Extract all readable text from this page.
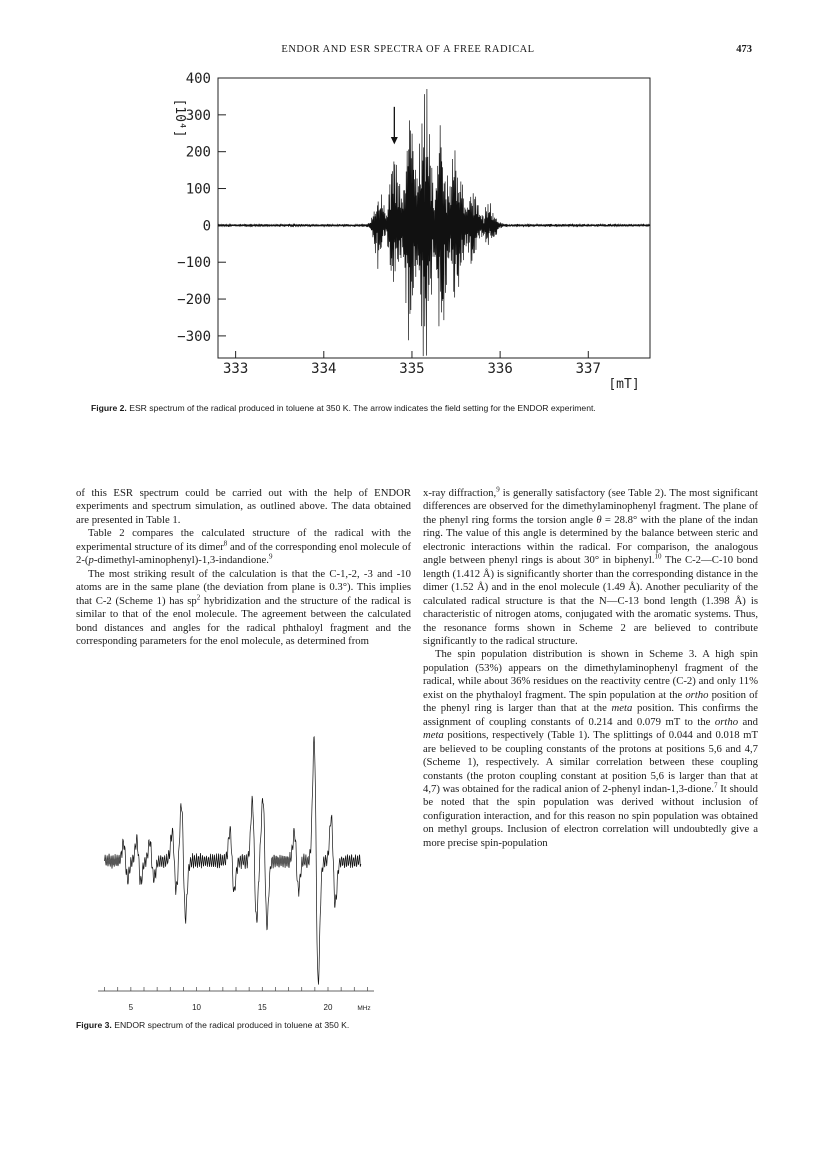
ENDOR AND ESR SPECTRA OF A FREE RADICAL	473
400
300
200
100
0
−100
−200
−300
333	334	335	336	337
[10⁴]
[mT]
Figure 2. ESR spectrum of the radical produced in toluene at 350 K. The arrow indicates the field setting for the ENDOR experiment.

of this ESR spectrum could be carried out with the help of ENDOR experiments and spectrum simulation, as outlined above. The data obtained are presented in Table 1.

Table 2 compares the calculated structure of the radical with the experimental structure of its dimer$^8$ and of the corresponding enol molecule of 2-(p-dimethyl-aminophenyl)-1,3-indandione.$^9$

The most striking result of the calculation is that the C-1,-2, -3 and -10 atoms are in the same plane (the deviation from plane is 0.3°). This implies that C-2 (Scheme 1) has $sp^2$ hybridization and the structure of the radical is similar to that of the enol molecule. The agreement between the calculated bond distances and angles for the radical phthaloyl fragment and the corresponding parameters for the enol molecule, as determined from

x-ray diffraction,$^9$ is generally satisfactory (see Table 2). The most significant differences are observed for the dimethylaminophenyl fragment. The plane of the phenyl ring forms the torsion angle θ = 28.8° with the plane of the indan ring. The value of this angle is determined by the balance between steric and electronic interactions within the radical. For comparison, the analogous angle between phenyl rings is about 30° in biphenyl.$^{10}$ The C-2—C-10 bond length (1.412 Å) is significantly shorter than the corresponding distance in the dimer (1.52 Å) and in the enol molecule (1.49 Å). Another peculiarity of the calculated radical structure is that the N—C-13 bond length (1.398 Å) is characteristic of nitrogen atoms, conjugated with the aromatic systems. Thus, the resonance forms shown in Scheme 2 are believed to contribute significantly to the radical structure.

The spin population distribution is shown in Scheme 3. A high spin population (53%) appears on the dimethylaminophenyl fragment of the radical, while about 36% residues on the reactivity centre (C-2) and only 11% exist on the phythaloyl fragment. The spin population at the ortho position of the phenyl ring is larger than that at the meta position. This confirms the assignment of coupling constants of 0.214 and 0.079 mT to the ortho and meta positions, respectively (Table 1). The splittings of 0.044 and 0.018 mT are believed to be coupling constants of the protons at positions 5,6 and 4,7 (Scheme 1), respectively. A similar correlation between these coupling constants (the proton coupling constant at position 5,6 is larger than that at 4,7) was obtained for the radical anion of 2-phenyl indan-1,3-dione.$^7$ It should be noted that the spin population was derived without inclusion of configuration interaction, and for this reason no spin population was obtained on methyl groups. Inclusion of electron correlation will undoubtedly give a more precise spin-population

5	10	15	20	MHz
Figure 3. ENDOR spectrum of the radical produced in toluene at 350 K.
